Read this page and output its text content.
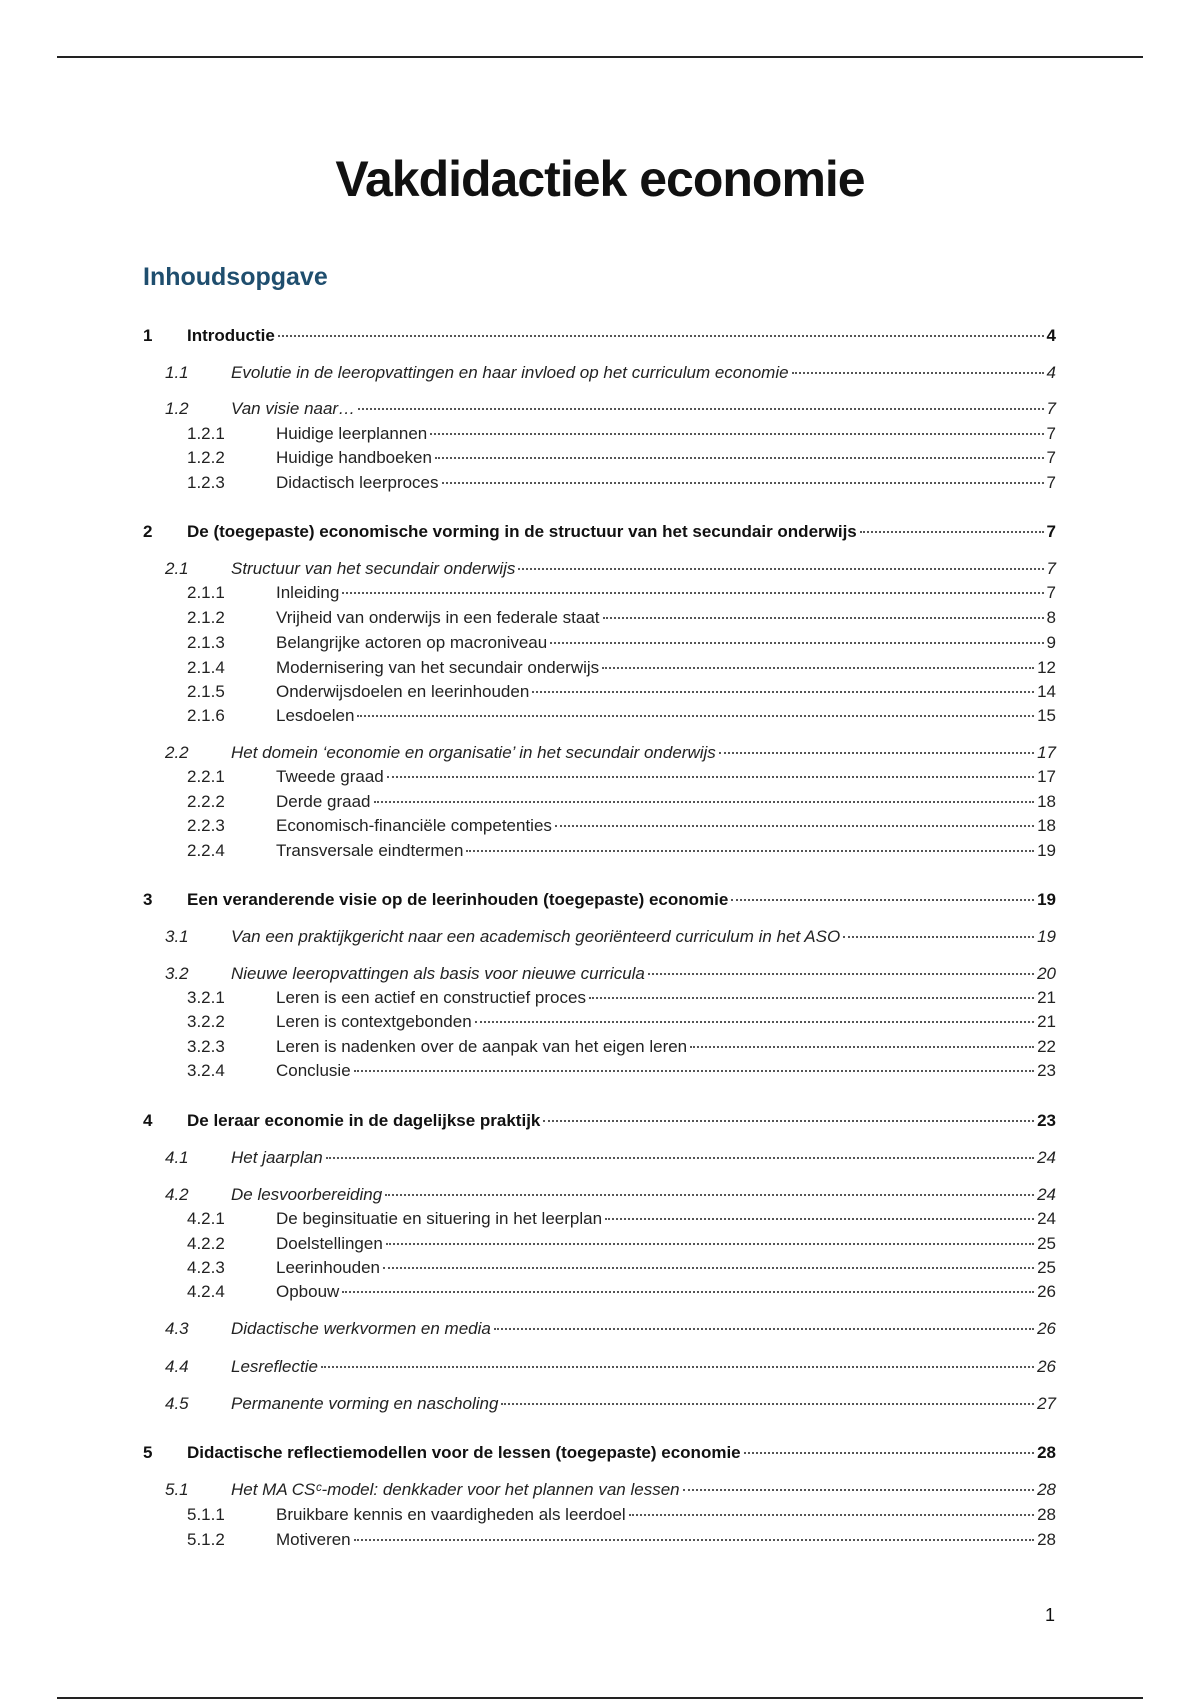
Vakdidactiek economie
Inhoudsopgave
1	Introductie	4
1.1	Evolutie in de leeropvattingen en haar invloed op het curriculum economie	4
1.2	Van visie naar…	7
1.2.1	Huidige leerplannen	7
1.2.2	Huidige handboeken	7
1.2.3	Didactisch leerproces	7
2	De (toegepaste) economische vorming in de structuur van het secundair onderwijs	7
2.1	Structuur van het secundair onderwijs	7
2.1.1	Inleiding	7
2.1.2	Vrijheid van onderwijs in een federale staat	8
2.1.3	Belangrijke actoren op macroniveau	9
2.1.4	Modernisering van het secundair onderwijs	12
2.1.5	Onderwijsdoelen en leerinhouden	14
2.1.6	Lesdoelen	15
2.2	Het domein ‘economie en organisatie’ in het secundair onderwijs	17
2.2.1	Tweede graad	17
2.2.2	Derde graad	18
2.2.3	Economisch-financiële competenties	18
2.2.4	Transversale eindtermen	19
3	Een veranderende visie op de leerinhouden (toegepaste) economie	19
3.1	Van een praktijkgericht naar een academisch georiënteerd curriculum in het ASO	19
3.2	Nieuwe leeropvattingen als basis voor nieuwe curricula	20
3.2.1	Leren is een actief en constructief proces	21
3.2.2	Leren is contextgebonden	21
3.2.3	Leren is nadenken over de aanpak van het eigen leren	22
3.2.4	Conclusie	23
4	De leraar economie in de dagelijkse praktijk	23
4.1	Het jaarplan	24
4.2	De lesvoorbereiding	24
4.2.1	De beginsituatie en situering in het leerplan	24
4.2.2	Doelstellingen	25
4.2.3	Leerinhouden	25
4.2.4	Opbouw	26
4.3	Didactische werkvormen en media	26
4.4	Lesreflectie	26
4.5	Permanente vorming en nascholing	27
5	Didactische reflectiemodellen voor de lessen (toegepaste) economie	28
5.1	Het MA CSᶜ-model: denkkader voor het plannen van lessen	28
5.1.1	Bruikbare kennis en vaardigheden als leerdoel	28
5.1.2	Motiveren	28
1
